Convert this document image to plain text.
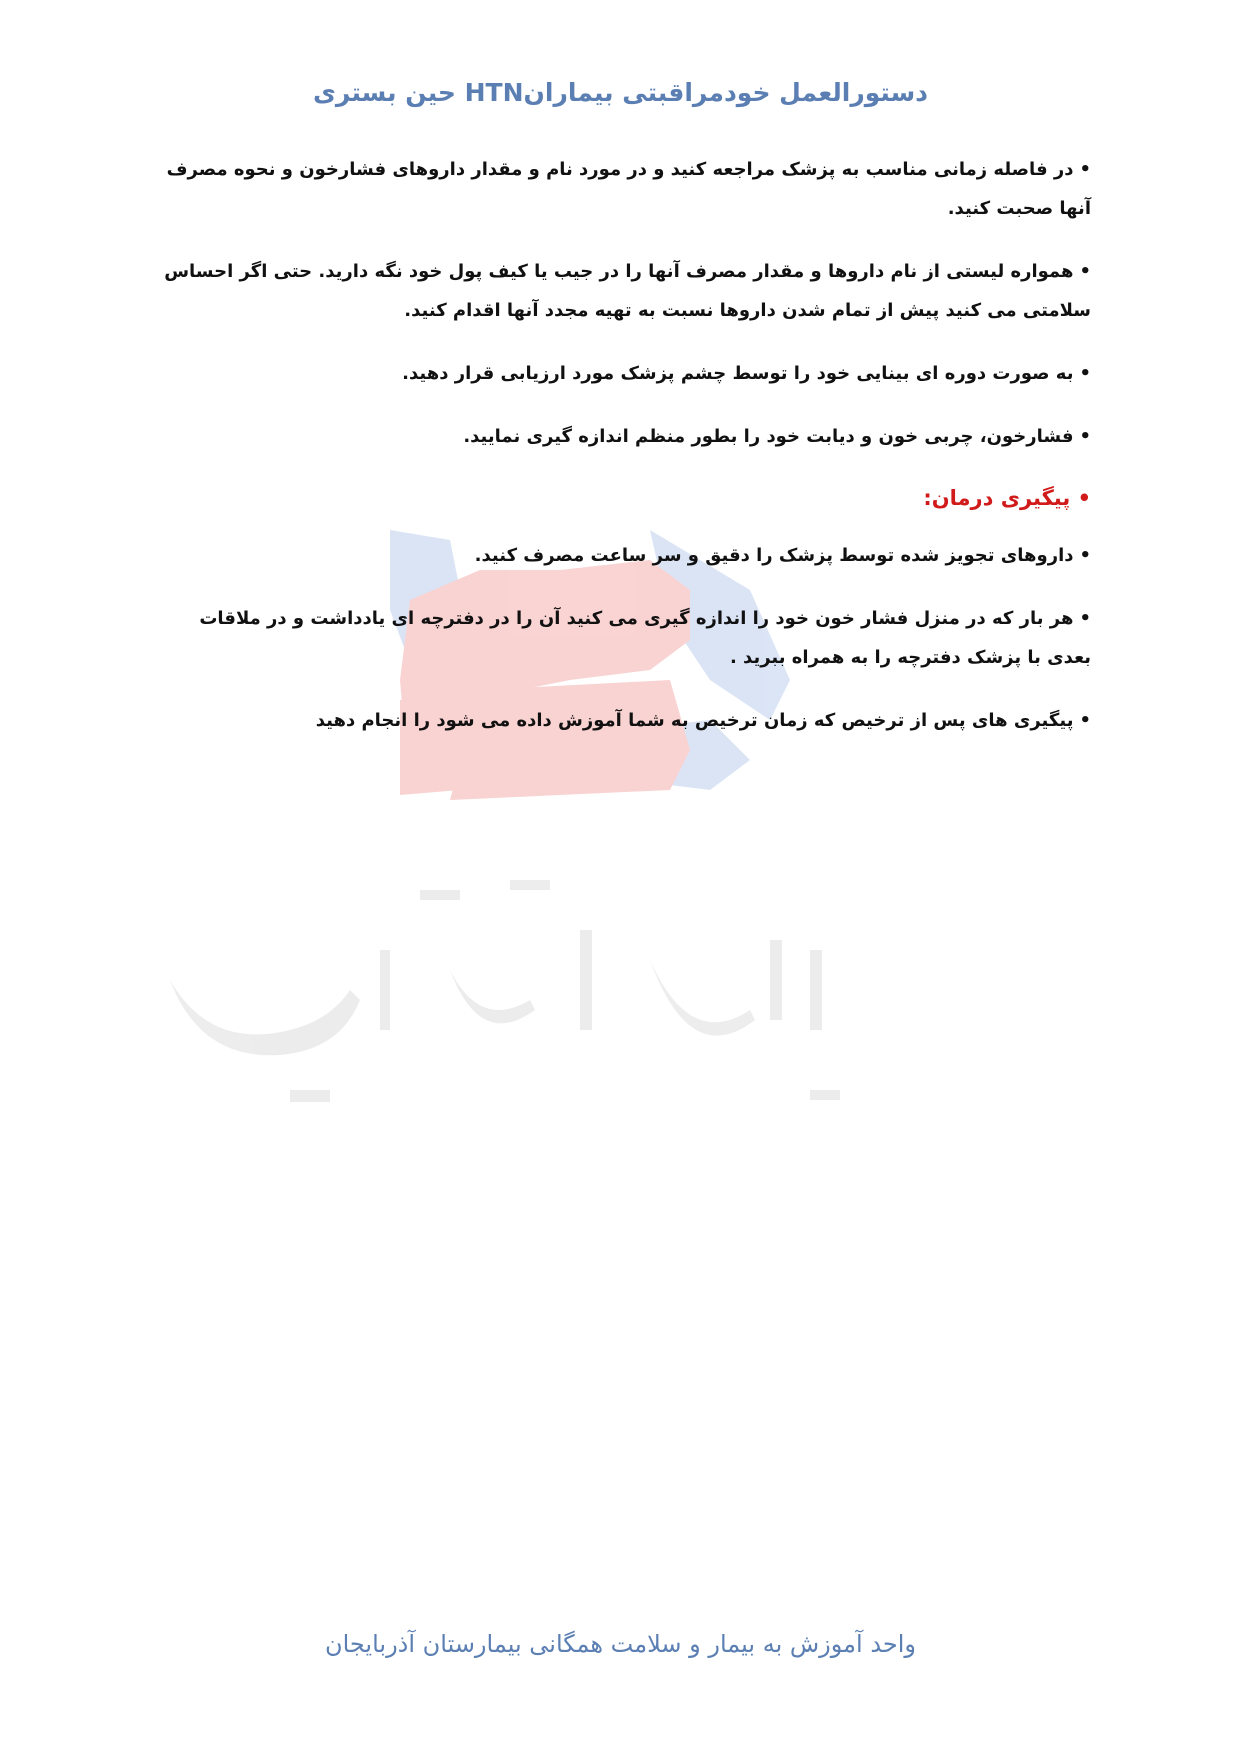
دستورالعمل خودمراقبتی بیمارانHTN حین بستری

•در فاصله زمانی مناسب به پزشک مراجعه کنید و در مورد نام و مقدار داروهای فشارخون و نحوه مصرف آنها صحبت کنید.

•همواره لیستی از نام داروها و مقدار مصرف آنها را در جیب یا کیف پول خود نگه دارید. حتی اگر احساس سلامتی می کنید پیش از تمام شدن داروها نسبت به تهیه مجدد آنها اقدام کنید.

•به صورت دوره ای بینایی خود را توسط چشم پزشک مورد ارزیابی قرار دهید.

•فشارخون، چربی خون و دیابت خود را بطور منظم اندازه گیری نمایید.

• پیگیری درمان:

•داروهای تجویز شده توسط پزشک را دقیق و سر ساعت مصرف کنید.

•هر بار که در منزل فشار خون خود را اندازه گیری می کنید آن را در دفترچه ای یادداشت و در ملاقات بعدی با پزشک دفترچه را به همراه ببرید .

•پیگیری های پس از ترخیص که زمان ترخیص به شما آموزش داده می شود را انجام دهید

واحد آموزش به بیمار و سلامت همگانی بیمارستان آذربایجان
